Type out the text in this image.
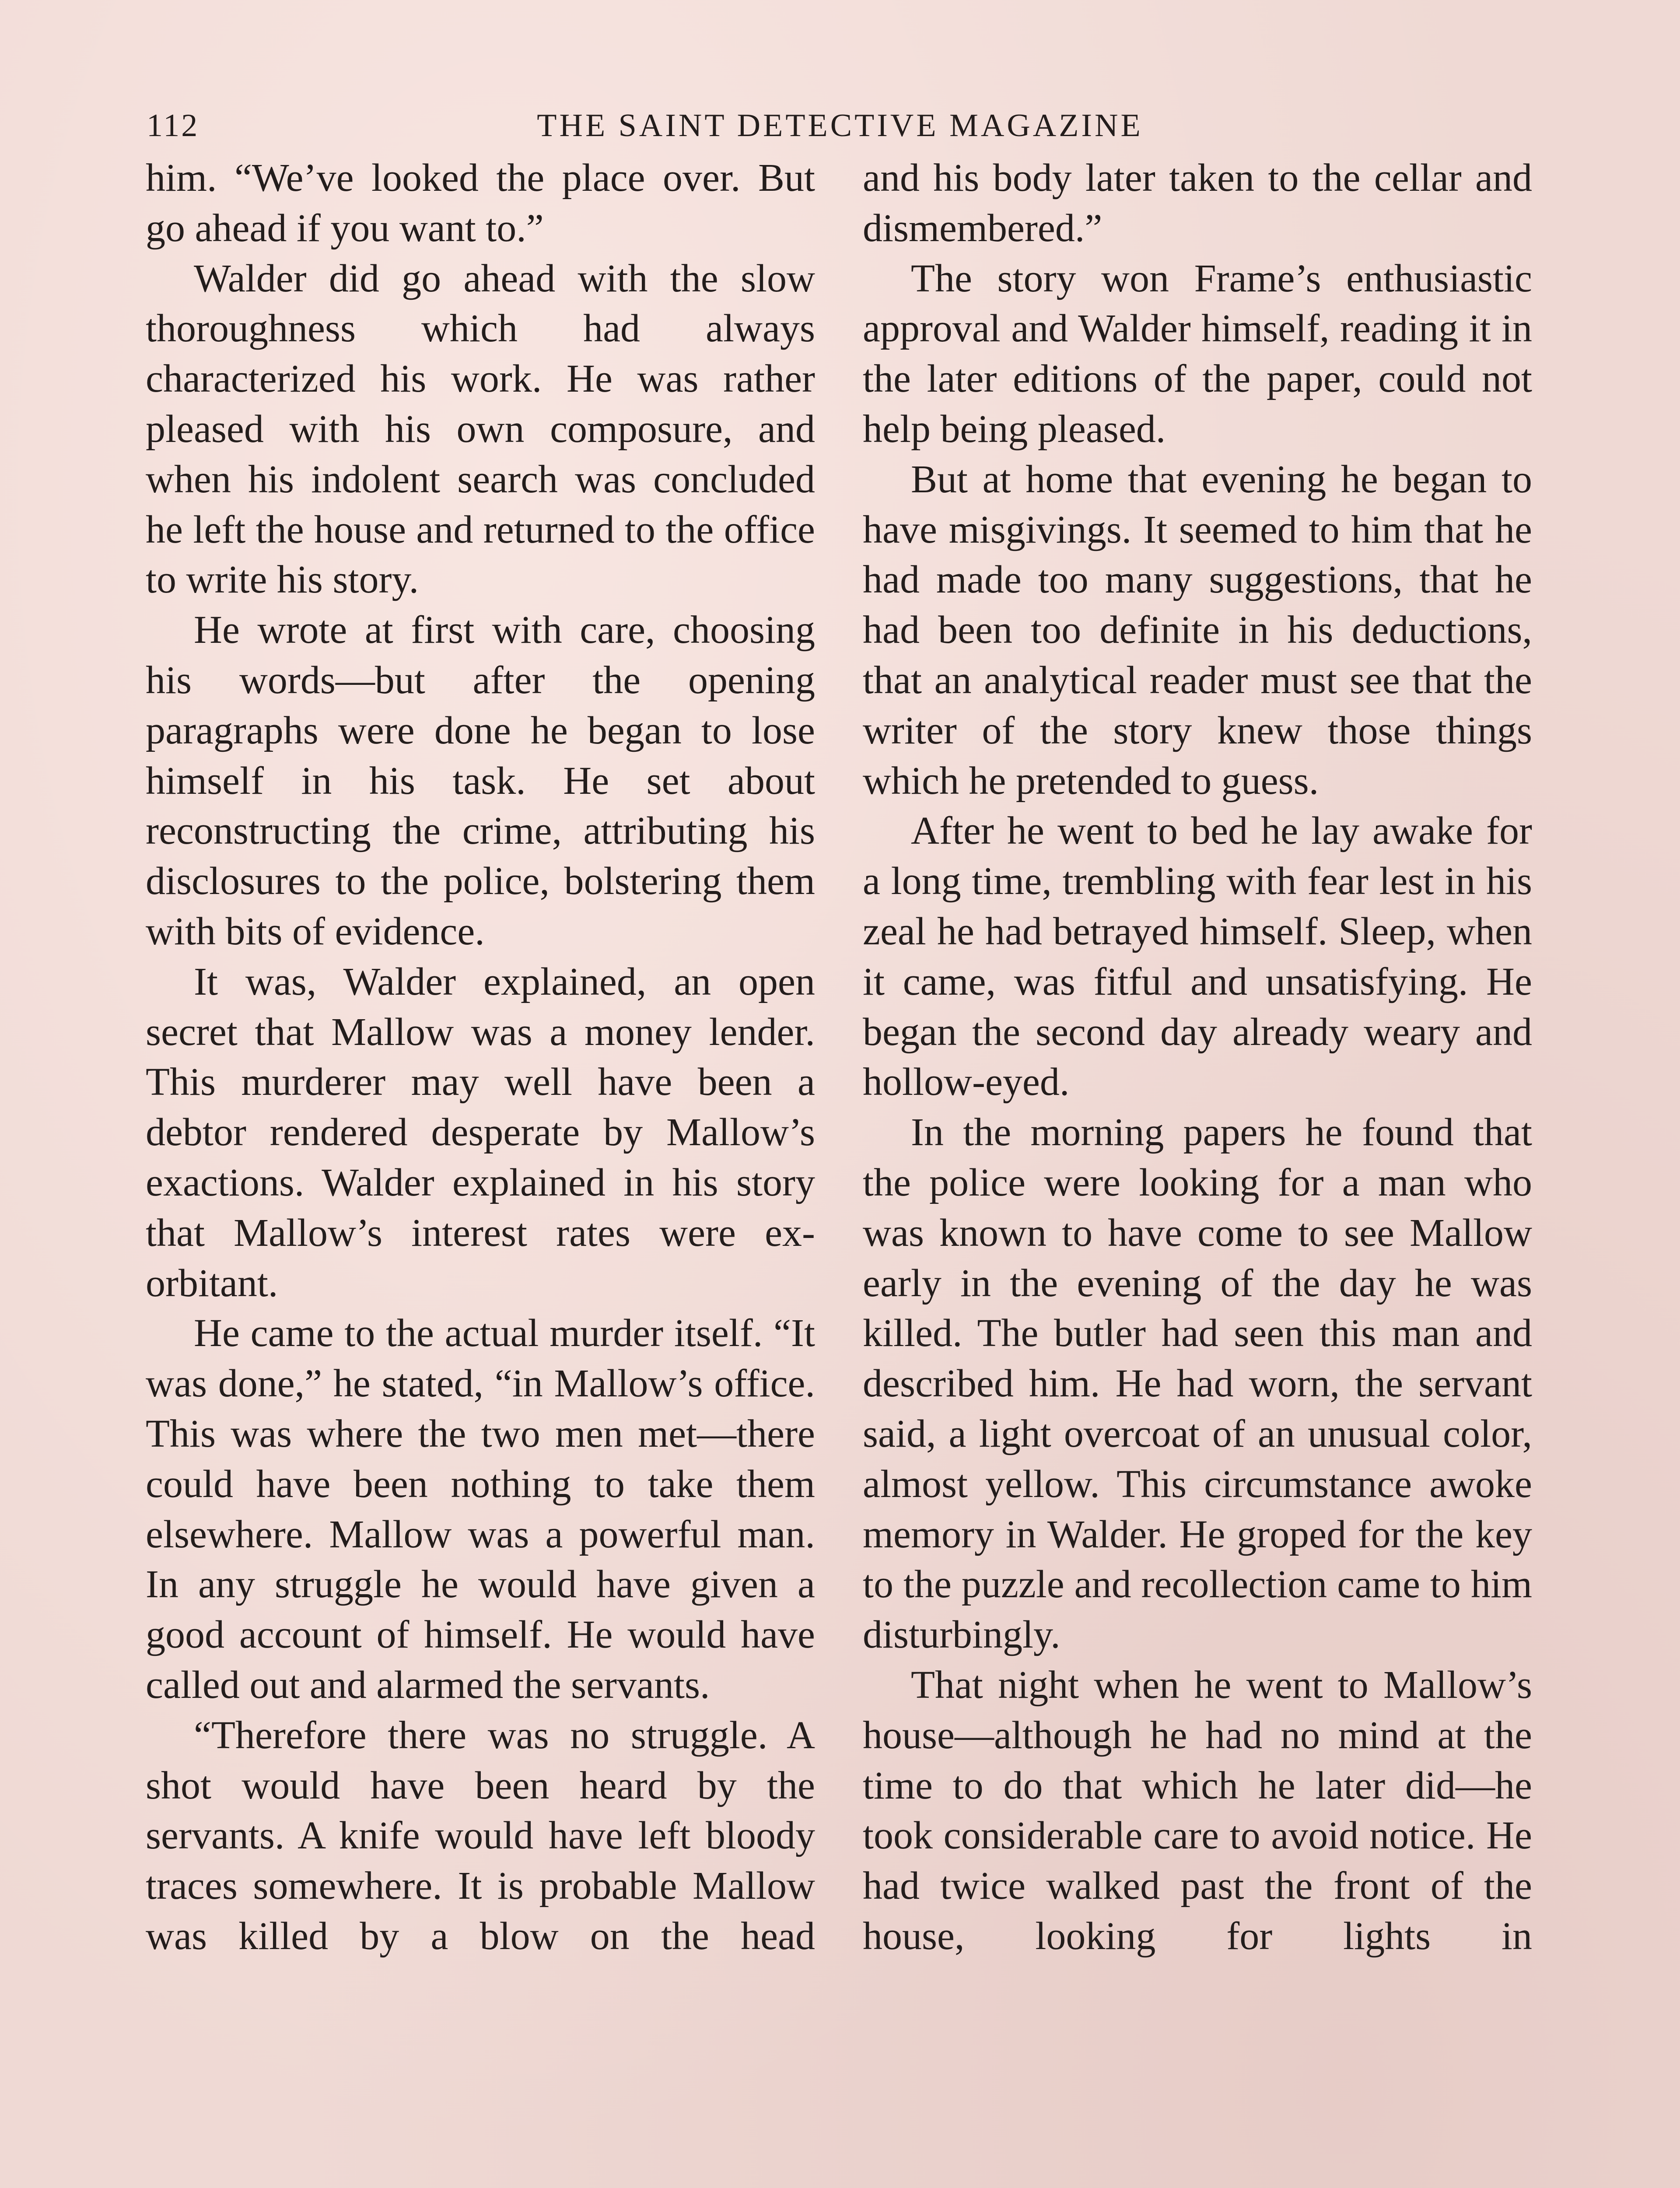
112	THE SAINT DETECTIVE MAGAZINE

him. “We’ve looked the place over. But go ahead if you want to.”

Walder did go ahead with the slow thoroughness which had always characterized his work. He was rather pleased with his own composure, and when his indolent search was concluded he left the house and returned to the office to write his story.

He wrote at first with care, choosing his words—but after the opening paragraphs were done he began to lose himself in his task. He set about reconstructing the crime, attributing his disclosures to the police, bolstering them with bits of evidence.

It was, Walder explained, an open secret that Mallow was a money lender. This murderer may well have been a debtor rendered desperate by Mallow’s exactions. Walder explained in his story that Mallow’s interest rates were exorbitant.

He came to the actual murder itself. “It was done,” he stated, “in Mallow’s office. This was where the two men met—there could have been nothing to take them elsewhere. Mallow was a powerful man. In any struggle he would have given a good account of himself. He would have called out and alarmed the servants.

“Therefore there was no struggle. A shot would have been heard by the servants. A knife would have left bloody traces somewhere. It is probable Mallow was killed by a blow on the head

and his body later taken to the cellar and dismembered.”

The story won Frame’s enthusiastic approval and Walder himself, reading it in the later editions of the paper, could not help being pleased.

But at home that evening he began to have misgivings. It seemed to him that he had made too many suggestions, that he had been too definite in his deductions, that an analytical reader must see that the writer of the story knew those things which he pretended to guess.

After he went to bed he lay awake for a long time, trembling with fear lest in his zeal he had betrayed himself. Sleep, when it came, was fitful and unsatisfying. He began the second day already weary and hollow-eyed.

In the morning papers he found that the police were looking for a man who was known to have come to see Mallow early in the evening of the day he was killed. The butler had seen this man and described him. He had worn, the servant said, a light overcoat of an unusual color, almost yellow. This circumstance awoke memory in Walder. He groped for the key to the puzzle and recollection came to him disturbingly.

That night when he went to Mallow’s house—although he had no mind at the time to do that which he later did—he took considerable care to avoid notice. He had twice walked past the front of the house, looking for lights in
